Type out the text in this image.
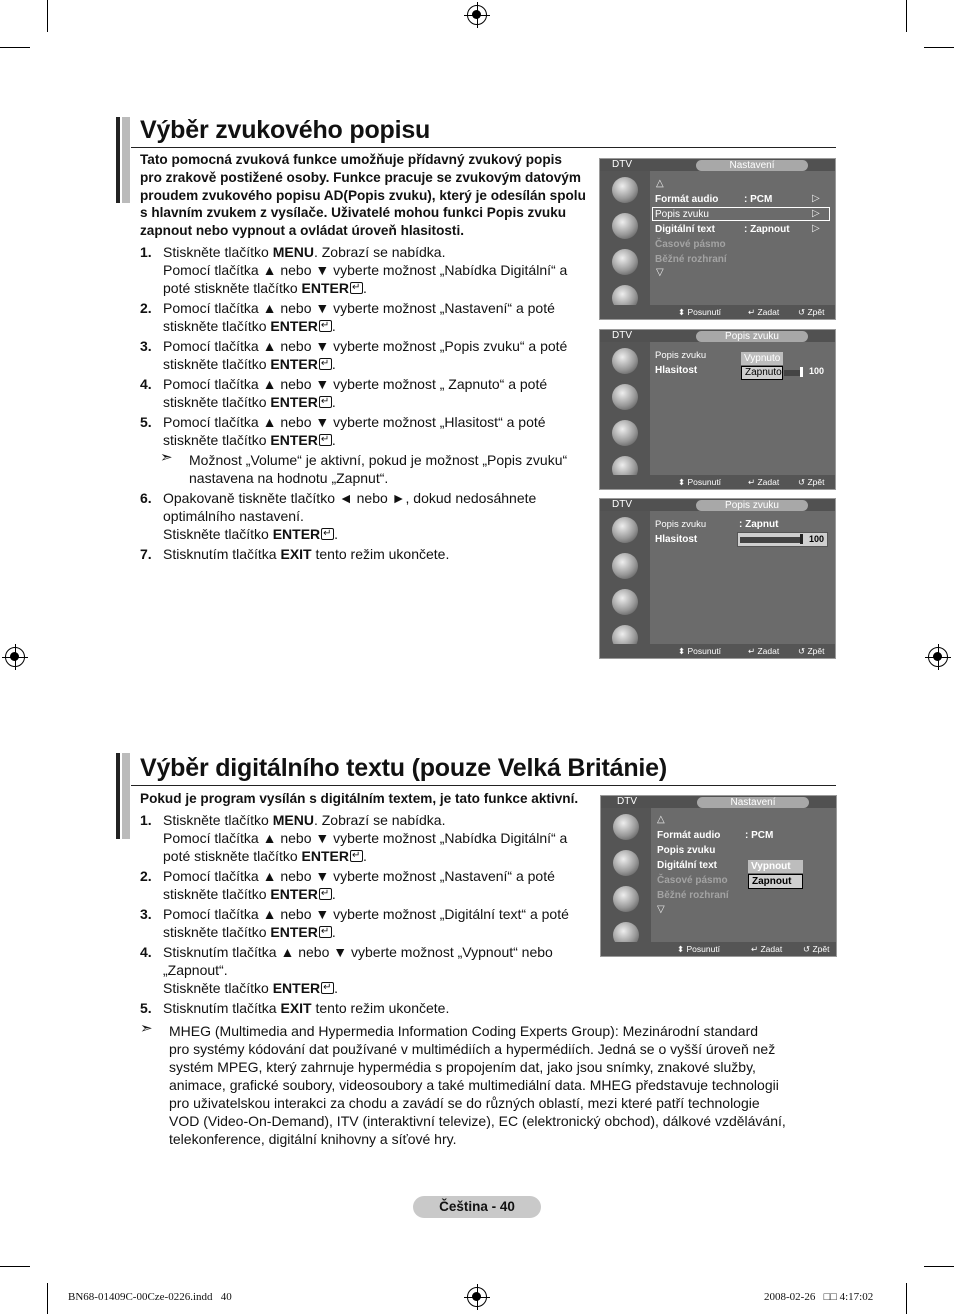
Výběr zvukového popisu
Tato pomocná zvuková funkce umožňuje přídavný zvukový popis
pro zrakově postižené osoby. Funkce pracuje se zvukovým datovým
proudem zvukového popisu AD(Popis zvuku), který je odesílán spolu
s hlavním zvukem z vysílače. Uživatelé mohou funkci Popis zvuku
zapnout nebo vypnout a ovládat úroveň hlasitosti.
1. Stiskněte tlačítko MENU. Zobrazí se nabídka.
Pomocí tlačítka ▲ nebo ▼ vyberte možnost „Nabídka Digitální“ a
poté stiskněte tlačítko ENTER ↵ .
2. Pomocí tlačítka ▲ nebo ▼ vyberte možnost „Nastavení“ a poté
stiskněte tlačítko ENTER ↵ .
3. Pomocí tlačítka ▲ nebo ▼ vyberte možnost „Popis zvuku“ a poté
stiskněte tlačítko ENTER ↵ .
4. Pomocí tlačítka ▲ nebo ▼ vyberte možnost „ Zapnuto“ a poté
stiskněte tlačítko ENTER ↵ .
5. Pomocí tlačítka ▲ nebo ▼ vyberte možnost „Hlasitost“ a poté
stiskněte tlačítko ENTER ↵ .
➣ Možnost „Volume“ je aktivní, pokud je možnost „Popis zvuku“
nastavena na hodnotu „Zapnut“.
6. Opakovaně tiskněte tlačítko ◄ nebo ►, dokud nedosáhnete
optimálního nastavení.
Stiskněte tlačítko ENTER ↵ .
7. Stisknutím tlačítka EXIT tento režim ukončete.
DTV	Nastavení
△
Formát audio	: PCM	▷
Popis zvuku	▷
Digitální text	: Zapnout ▷
Časové pásmo
Běžné rozhraní
▽
⬍ Posunutí	↵ Zadat ↺ Zpět
DTV	Popis zvuku
Popis zvuku
Hlasitost
Vypnuto
Zapnuto	100
⬍ Posunutí	↵ Zadat ↺ Zpět
DTV	Popis zvuku
Popis zvuku	: Zapnut
Hlasitost	100
⬍ Posunutí	↵ Zadat ↺ Zpět
Výběr digitálního textu (pouze Velká Británie)
Pokud je program vysílán s digitálním textem, je tato funkce aktivní.
1. Stiskněte tlačítko MENU. Zobrazí se nabídka.
Pomocí tlačítka ▲ nebo ▼ vyberte možnost „Nabídka Digitální“ a
poté stiskněte tlačítko ENTER ↵ .
2. Pomocí tlačítka ▲ nebo ▼ vyberte možnost „Nastavení“ a poté
stiskněte tlačítko ENTER ↵ .
3. Pomocí tlačítka ▲ nebo ▼ vyberte možnost „Digitální text“ a poté
stiskněte tlačítko ENTER ↵ .
4. Stisknutím tlačítka ▲ nebo ▼ vyberte možnost „Vypnout“ nebo
„Zapnout“.
Stiskněte tlačítko ENTER ↵ .
5. Stisknutím tlačítka EXIT tento režim ukončete.
➣ MHEG (Multimedia and Hypermedia Information Coding Experts Group): Mezinárodní standard
pro systémy kódování dat používané v multimédiích a hypermédiích. Jedná se o vyšší úroveň než
systém MPEG, který zahrnuje hypermédia s propojením dat, jako jsou snímky, znakové služby,
animace, grafické soubory, videosoubory a také multimediální data. MHEG představuje technologii
pro uživatelskou interakci za chodu a zavádí se do různých oblastí, mezi které patří technologie
VOD (Video-On-Demand), ITV (interaktivní televize), EC (elektronický obchod), dálkové vzdělávání,
telekonference, digitální knihovny a síťové hry.
DTV	Nastavení
△
Formát audio : PCM
Popis zvuku
Digitální text
Časové pásmo
Běžné rozhraní
▽
Vypnout
Zapnout
⬍ Posunutí	↵ Zadat ↺ Zpět
Čeština - 40
BN68-01409C-00Cze-0226.indd   40	2008-02-26   □□ 4:17:02
